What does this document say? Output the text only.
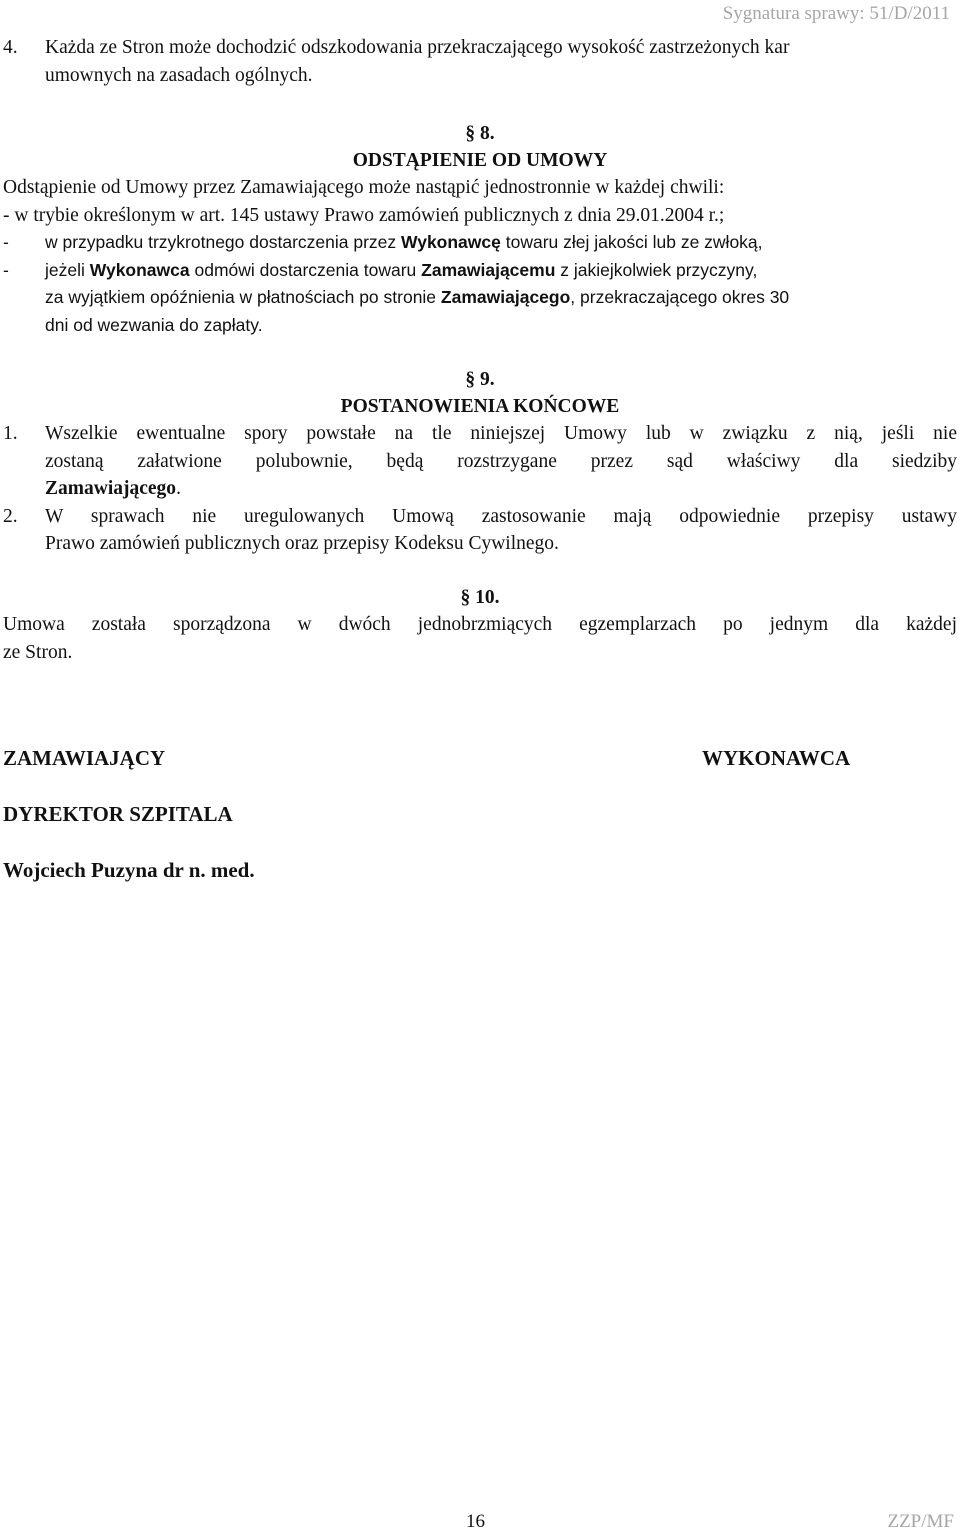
Sygnatura sprawy: 51/D/2011
4. Każda ze Stron może dochodzić odszkodowania przekraczającego wysokość zastrzeżonych kar
umownych na zasadach ogólnych.
§ 8.
ODSTĄPIENIE OD UMOWY
Odstąpienie od Umowy przez Zamawiającego może nastąpić jednostronnie w każdej chwili:
- w trybie określonym w art. 145 ustawy Prawo zamówień publicznych z dnia 29.01.2004 r.;
- w przypadku trzykrotnego dostarczenia przez Wykonawcę towaru złej jakości lub ze zwłoką,
- jeżeli Wykonawca odmówi dostarczenia towaru Zamawiającemu z jakiejkolwiek przyczyny,
za wyjątkiem opóźnienia w płatnościach po stronie Zamawiającego, przekraczającego okres 30
dni od wezwania do zapłaty.
§ 9.
POSTANOWIENIA KOŃCOWE
1. Wszelkie ewentualne spory powstałe na tle niniejszej Umowy lub w związku z nią, jeśli nie
zostaną załatwione polubownie, będą rozstrzygane przez sąd właściwy dla siedziby
Zamawiającego.
2. W sprawach nie uregulowanych Umową zastosowanie mają odpowiednie przepisy ustawy
Prawo zamówień publicznych oraz przepisy Kodeksu Cywilnego.
§ 10.
Umowa została sporządzona w dwóch jednobrzmiących egzemplarzach po jednym dla każdej
ze Stron.
ZAMAWIAJĄCY	WYKONAWCA
DYREKTOR SZPITALA
Wojciech Puzyna dr n. med.
16	ZZP/MF
